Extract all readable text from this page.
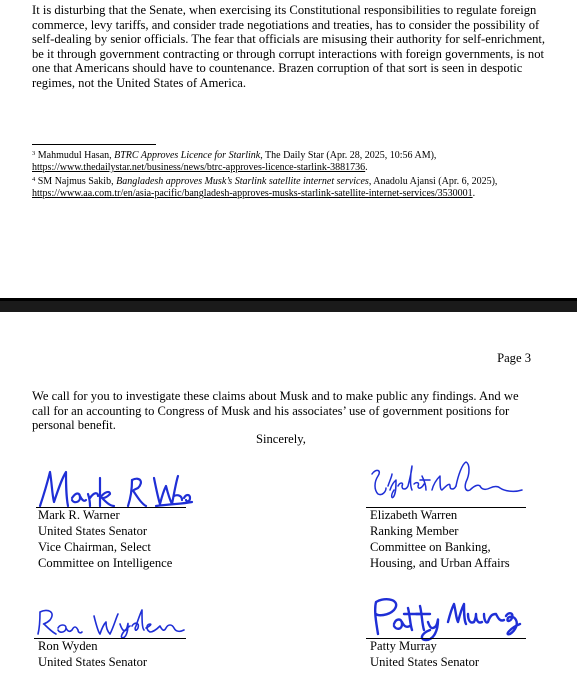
It is disturbing that the Senate, when exercising its Constitutional responsibilities to regulate foreign commerce, levy tariffs, and consider trade negotiations and treaties, has to consider the possibility of self-dealing by senior officials. The fear that officials are misusing their authority for self-enrichment, be it through government contracting or through corrupt interactions with foreign governments, is not one that Americans should have to countenance. Brazen corruption of that sort is seen in despotic regimes, not the United States of America.

$^3$ Mahmudul Hasan, BTRC Approves Licence for Starlink, The Daily Star (Apr. 28, 2025, 10:56 AM), https://www.thedailystar.net/business/news/btrc-approves-licence-starlink-3881736.

$^4$ SM Najmus Sakib, Bangladesh approves Musk’s Starlink satellite internet services, Anadolu Ajansi (Apr. 6, 2025), https://www.aa.com.tr/en/asia-pacific/bangladesh-approves-musks-starlink-satellite-internet-services/3530001.

Page 3

We call for you to investigate these claims about Musk and to make public any findings. And we call for an accounting to Congress of Musk and his associates’ use of government positions for personal benefit.

Sincerely,
Mark R. Warner
United States Senator
Vice Chairman, Select
Committee on Intelligence
Elizabeth Warren
Ranking Member
Committee on Banking,
Housing, and Urban Affairs
Ron Wyden
United States Senator
Patty Murray
United States Senator
